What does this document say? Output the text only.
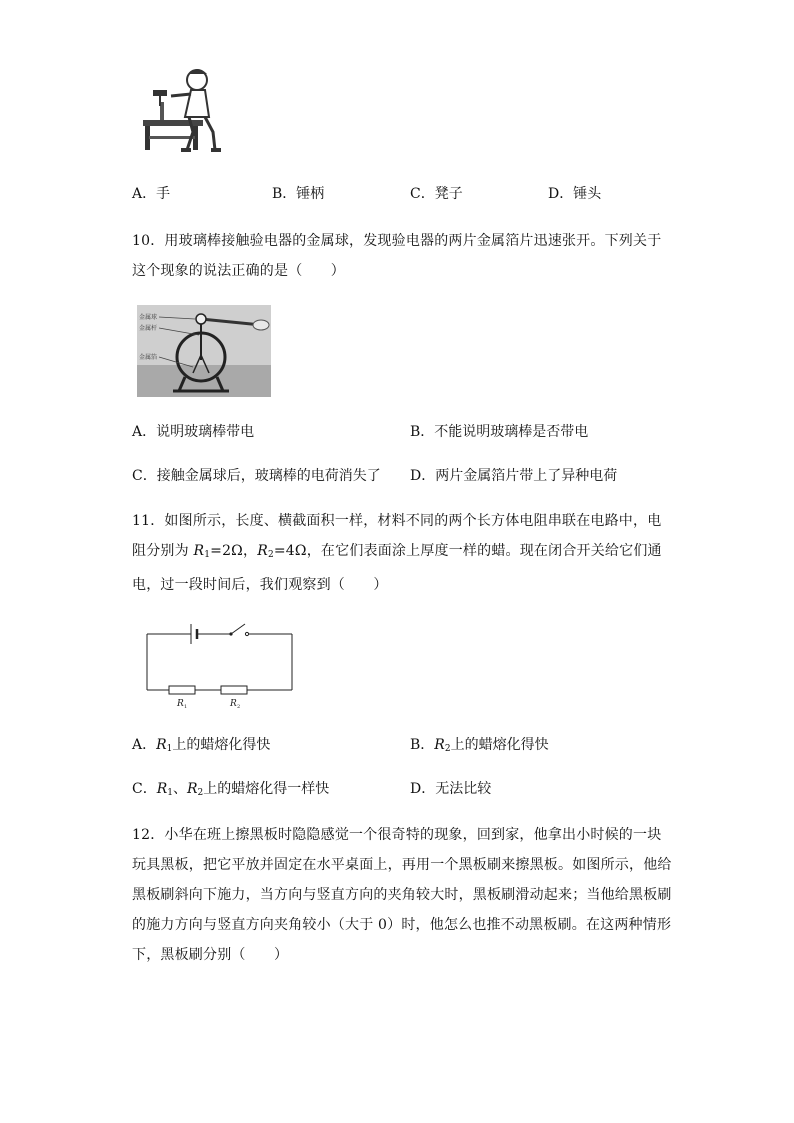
A．手	B．锤柄	C．凳子	D．锤头
10．用玻璃棒接触验电器的金属球，发现验电器的两片金属箔片迅速张开。下列关于这个现象的说法正确的是（　　）
金属球
金属杆
金属箔
A．说明玻璃棒带电	B．不能说明玻璃棒是否带电
C．接触金属球后，玻璃棒的电荷消失了 D．两片金属箔片带上了异种电荷
11．如图所示，长度、横截面积一样，材料不同的两个长方体电阻串联在电路中，电阻分别为 $R_1=2\Omega$，$R_2=4\Omega$，在它们表面涂上厚度一样的蜡。现在闭合开关给它们通电，过一段时间后，我们观察到（　　）
R 1	R 2
A．$R_1$上的蜡熔化得快	B．$R_2$上的蜡熔化得快
C．$R_1$、$R_2$上的蜡熔化得一样快	D．无法比较
12．小华在班上擦黑板时隐隐感觉一个很奇特的现象，回到家，他拿出小时候的一块玩具黑板，把它平放并固定在水平桌面上，再用一个黑板刷来擦黑板。如图所示，他给黑板刷斜向下施力，当方向与竖直方向的夹角较大时，黑板刷滑动起来；当他给黑板刷的施力方向与竖直方向夹角较小（大于 0）时，他怎么也推不动黑板刷。在这两种情形下，黑板刷分别（　　）
